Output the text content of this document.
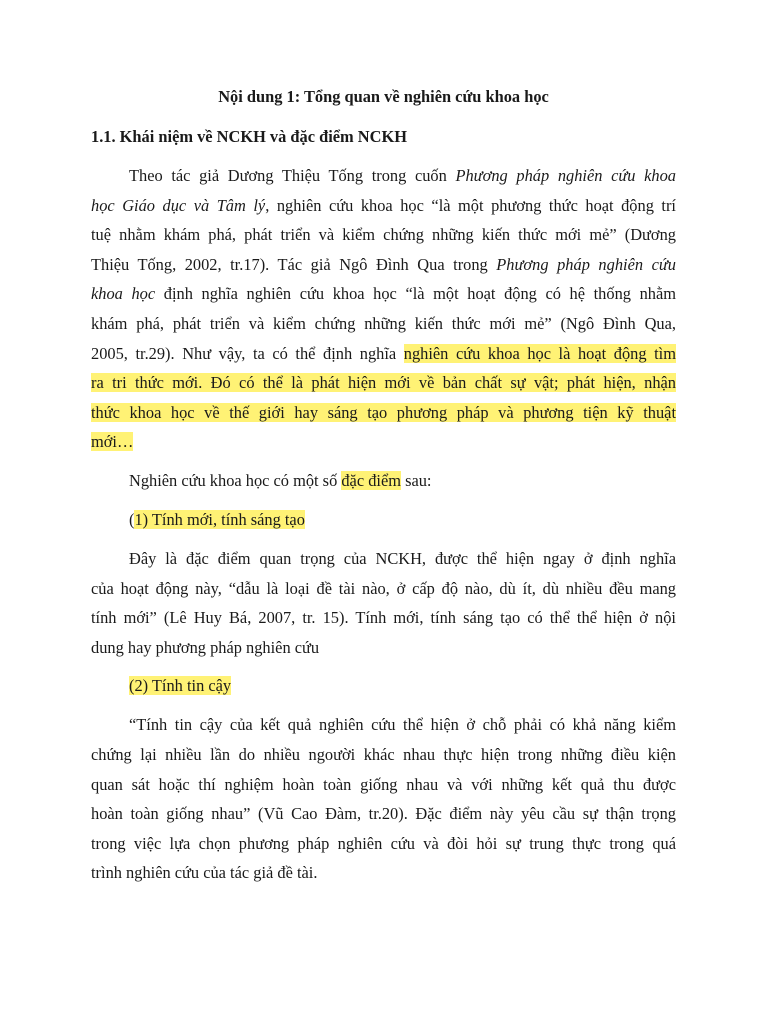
Nội dung 1: Tổng quan về nghiên cứu khoa học
1.1. Khái niệm về NCKH và đặc điểm NCKH
Theo tác giả Dương Thiệu Tống trong cuốn Phương pháp nghiên cứu khoa
học Giáo dục và Tâm lý, nghiên cứu khoa học “là một phương thức hoạt động trí
tuệ nhằm khám phá, phát triển và kiểm chứng những kiến thức mới mẻ” (Dương
Thiệu Tống, 2002, tr.17). Tác giả Ngô Đình Qua trong Phương pháp nghiên cứu
khoa học định nghĩa nghiên cứu khoa học “là một hoạt động có hệ thống nhằm
khám phá, phát triển và kiểm chứng những kiến thức mới mẻ” (Ngô Đình Qua,
2005, tr.29). Như vậy, ta có thể định nghĩa nghiên cứu khoa học là hoạt động tìm
ra tri thức mới. Đó có thể là phát hiện mới về bản chất sự vật; phát hiện, nhận
thức khoa học về thế giới hay sáng tạo phương pháp và phương tiện kỹ thuật
mới…
Nghiên cứu khoa học có một số đặc điểm sau:
(1) Tính mới, tính sáng tạo
Đây là đặc điểm quan trọng của NCKH, được thể hiện ngay ở định nghĩa
của hoạt động này, “dẫu là loại đề tài nào, ở cấp độ nào, dù ít, dù nhiều đều mang
tính mới” (Lê Huy Bá, 2007, tr. 15). Tính mới, tính sáng tạo có thể thể hiện ở nội
dung hay phương pháp nghiên cứu
(2) Tính tin cậy
“Tính tin cậy của kết quả nghiên cứu thể hiện ở chỗ phải có khả năng kiểm
chứng lại nhiều lần do nhiều ngoười khác nhau thực hiện trong những điều kiện
quan sát hoặc thí nghiệm hoàn toàn giống nhau và với những kết quả thu được
hoàn toàn giống nhau” (Vũ Cao Đàm, tr.20). Đặc điểm này yêu cầu sự thận trọng
trong việc lựa chọn phương pháp nghiên cứu và đòi hỏi sự trung thực trong quá
trình nghiên cứu của tác giả đề tài.
